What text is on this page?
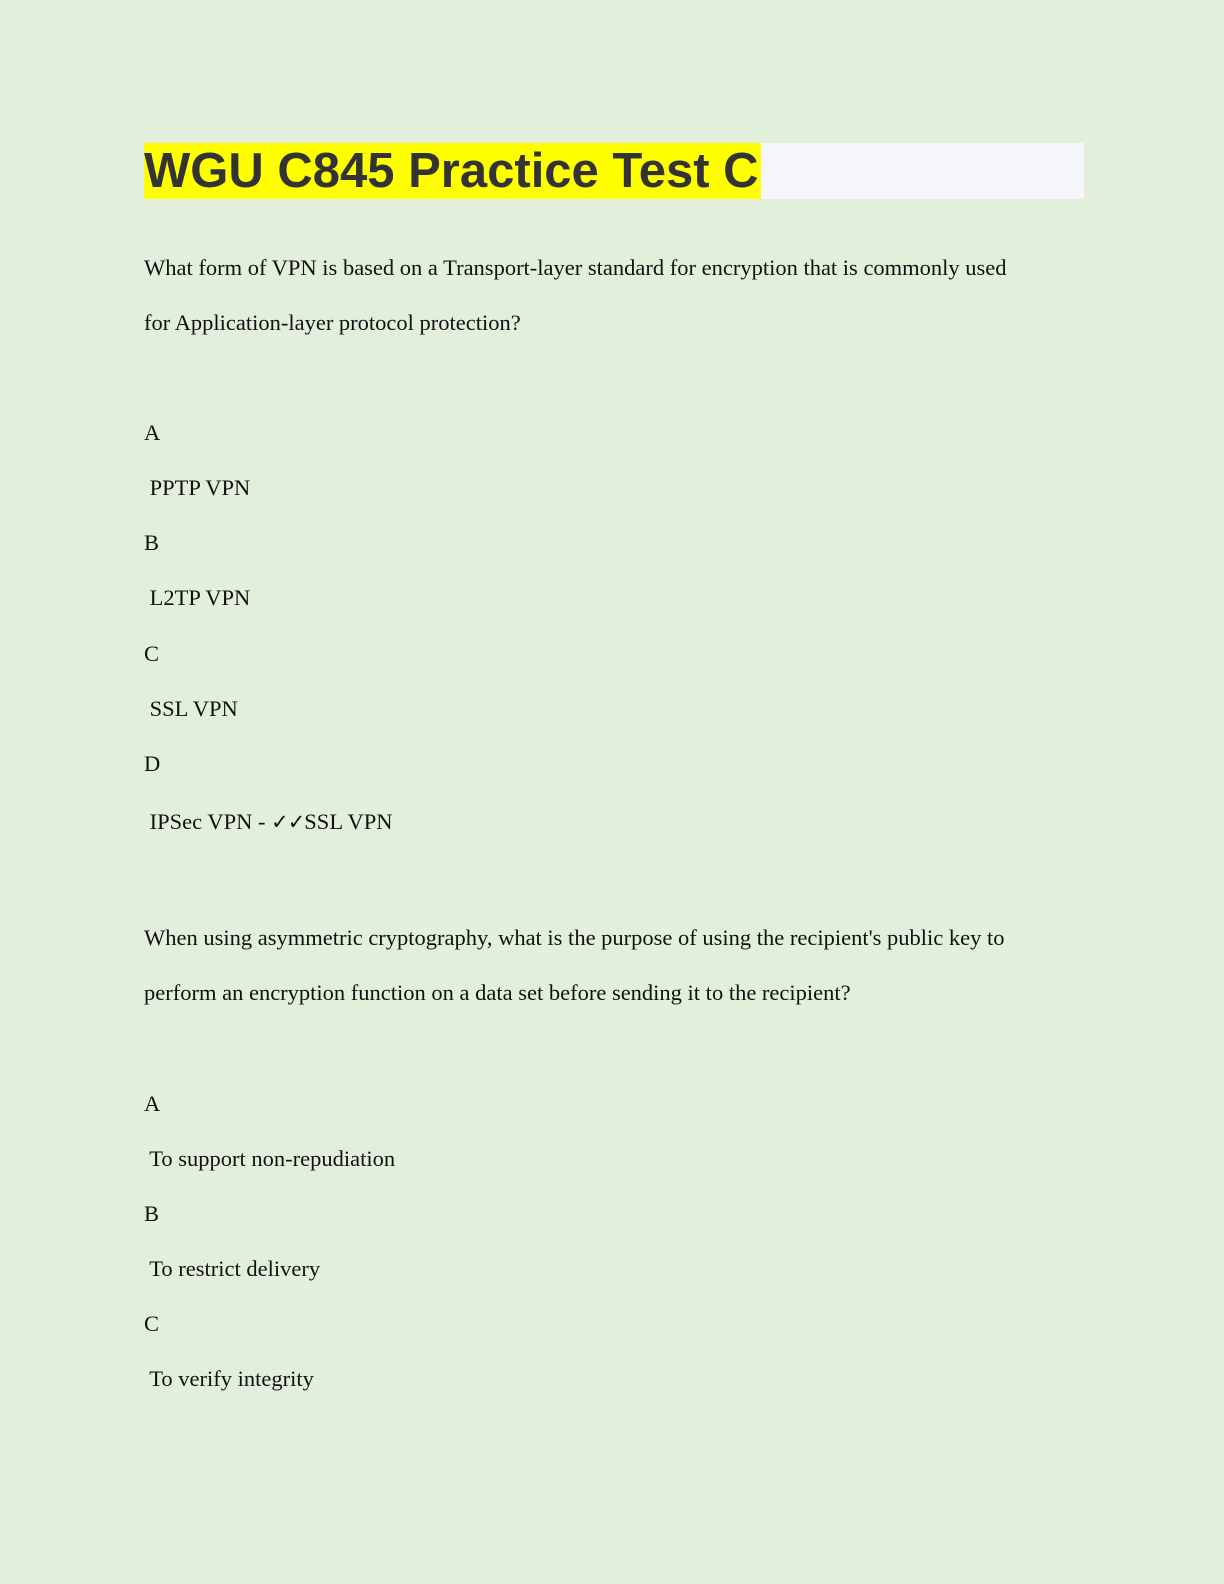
WGU C845 Practice Test C
What form of VPN is based on a Transport-layer standard for encryption that is commonly used
for Application-layer protocol protection?
A
PPTP VPN
B
L2TP VPN
C
SSL VPN
D
IPSec VPN - ✓✓SSL VPN
When using asymmetric cryptography, what is the purpose of using the recipient's public key to
perform an encryption function on a data set before sending it to the recipient?
A
To support non-repudiation
B
To restrict delivery
C
To verify integrity
